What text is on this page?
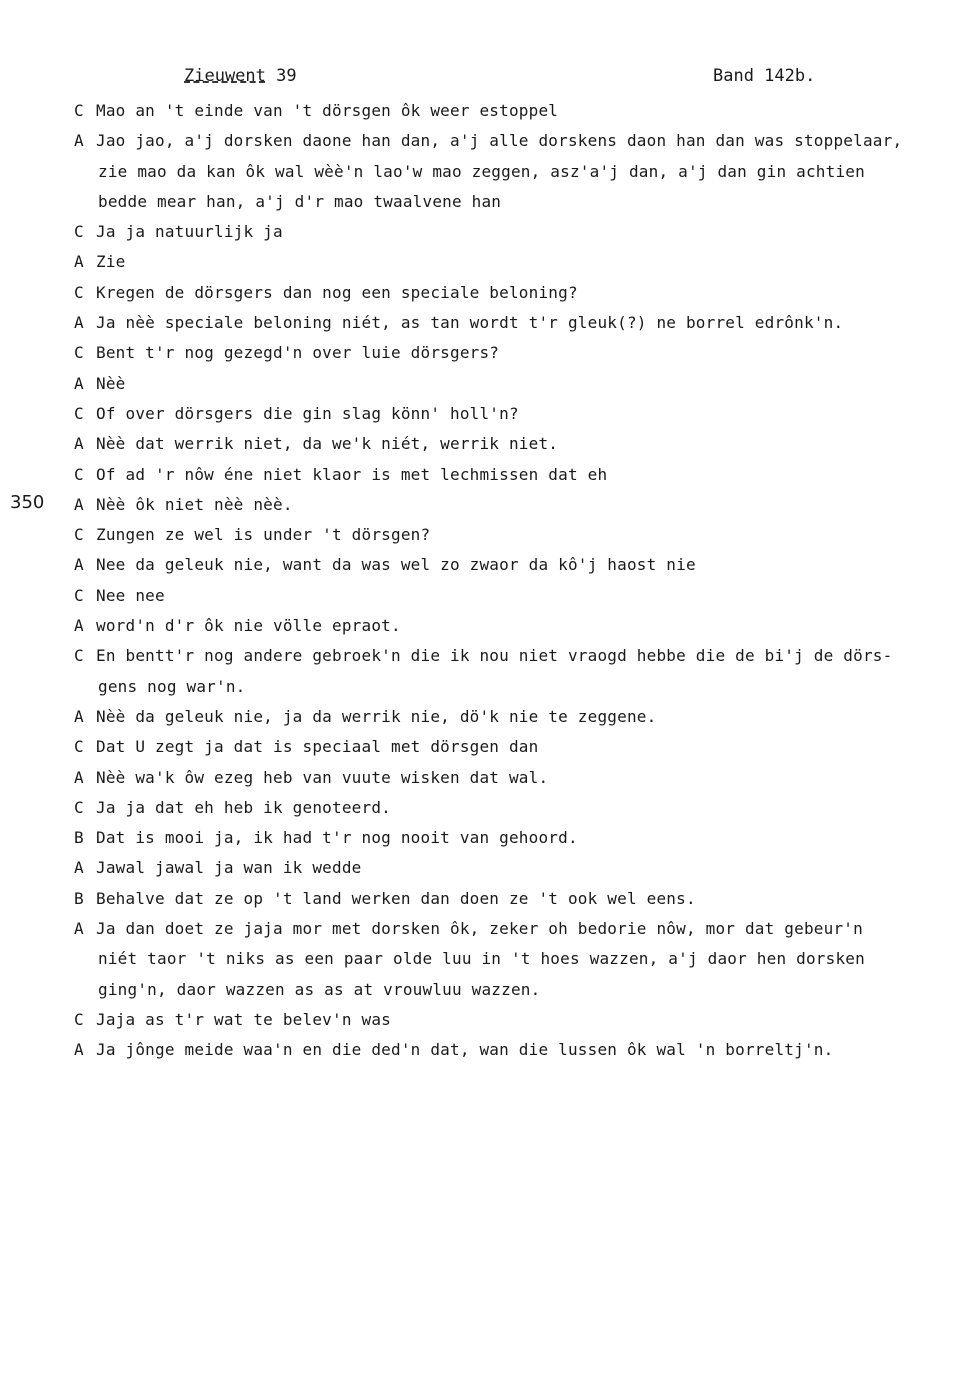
Zieuwent 39	Band 142b.
350
C Mao an 't einde van 't dörsgen ôk weer estoppel
A Jao jao, a'j dorsken daone han dan, a'j alle dorskens daon han dan was stoppelaar,
zie mao da kan ôk wal wèè'n lao'w mao zeggen, asz'a'j dan, a'j dan gin achtien
bedde mear han, a'j d'r mao twaalvene han
C Ja ja natuurlijk ja
A Zie
C Kregen de dörsgers dan nog een speciale beloning?
A Ja nèè speciale beloning niét, as tan wordt t'r gleuk(?) ne borrel edrônk'n.
C Bent t'r nog gezegd'n over luie dörsgers?
A Nèè
C Of over dörsgers die gin slag könn' holl'n?
A Nèè dat werrik niet, da we'k niét, werrik niet.
C Of ad 'r nôw éne niet klaor is met lechmissen dat eh
A Nèè ôk niet nèè nèè.
C Zungen ze wel is under 't dörsgen?
A Nee da geleuk nie, want da was wel zo zwaor da kô'j haost nie
C Nee nee
A word'n d'r ôk nie völle epraot.
C En bentt'r nog andere gebroek'n die ik nou niet vraogd hebbe die de bi'j de dörs-
gens nog war'n.
A Nèè da geleuk nie, ja da werrik nie, dö'k nie te zeggene.
C Dat U zegt ja dat is speciaal met dörsgen dan
A Nèè wa'k ôw ezeg heb van vuute wisken dat wal.
C Ja ja dat eh heb ik genoteerd.
B Dat is mooi ja, ik had t'r nog nooit van gehoord.
A Jawal jawal ja wan ik wedde
B Behalve dat ze op 't land werken dan doen ze 't ook wel eens.
A Ja dan doet ze jaja mor met dorsken ôk, zeker oh bedorie nôw, mor dat gebeur'n
niét taor 't niks as een paar olde luu in 't hoes wazzen, a'j daor hen dorsken
ging'n, daor wazzen as as at vrouwluu wazzen.
C Jaja as t'r wat te belev'n was
A Ja jônge meide waa'n en die ded'n dat, wan die lussen ôk wal 'n borreltj'n.
